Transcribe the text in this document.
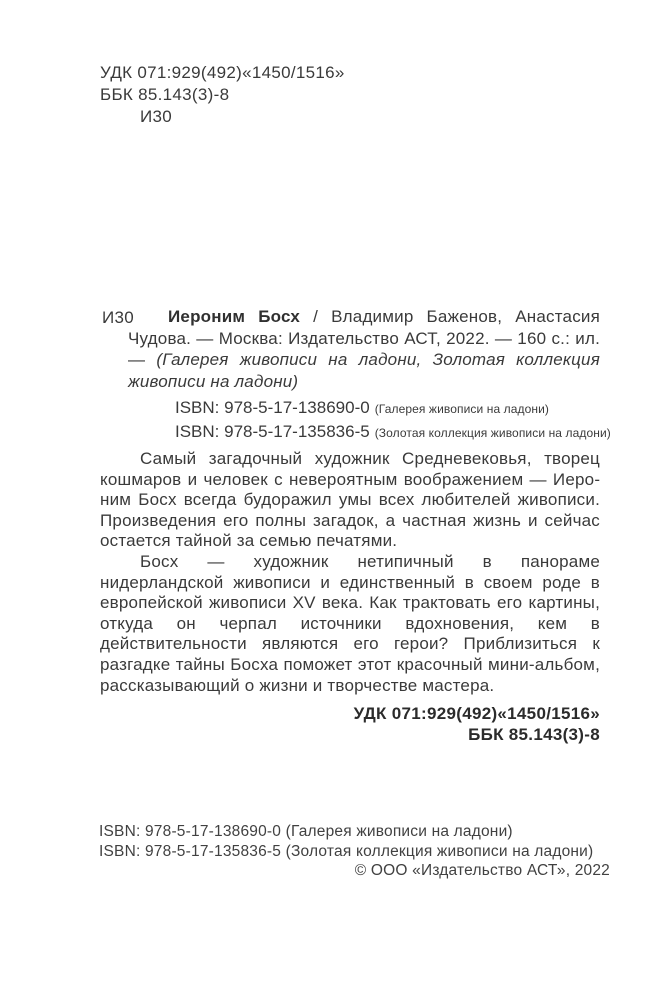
УДК 071:929(492)«1450/1516»
ББК 85.143(3)-8
И30
И30	Иероним Босх / Владимир Баженов, Анастасия Чудова. — Москва: Издательство АСТ, 2022. — 160 с.: ил. — (Галерея живописи на ладони, Золотая коллекция живописи на ладони)

ISBN: 978-5-17-138690-0 (Галерея живописи на ладони)
ISBN: 978-5-17-135836-5 (Золотая коллекция живописи на ладони)

Самый загадочный художник Средневековья, творец кошмаров и человек с невероятным воображением — Иероним Босх всегда будоражил умы всех любителей живописи. Произведения его полны загадок, а частная жизнь и сейчас остается тайной за семью печатями.

Босх — художник нетипичный в панораме нидерландской живописи и единственный в своем роде в европейской живописи XV века. Как трактовать его картины, откуда он черпал источники вдохновения, кем в действительности являются его герои? Приблизиться к разгадке тайны Босха поможет этот красочный мини-альбом, рассказывающий о жизни и творчестве мастера.

УДК 071:929(492)«1450/1516»
ББК 85.143(3)-8
ISBN: 978-5-17-138690-0 (Галерея живописи на ладони)
ISBN: 978-5-17-135836-5 (Золотая коллекция живописи на ладони)
© ООО «Издательство АСТ», 2022
